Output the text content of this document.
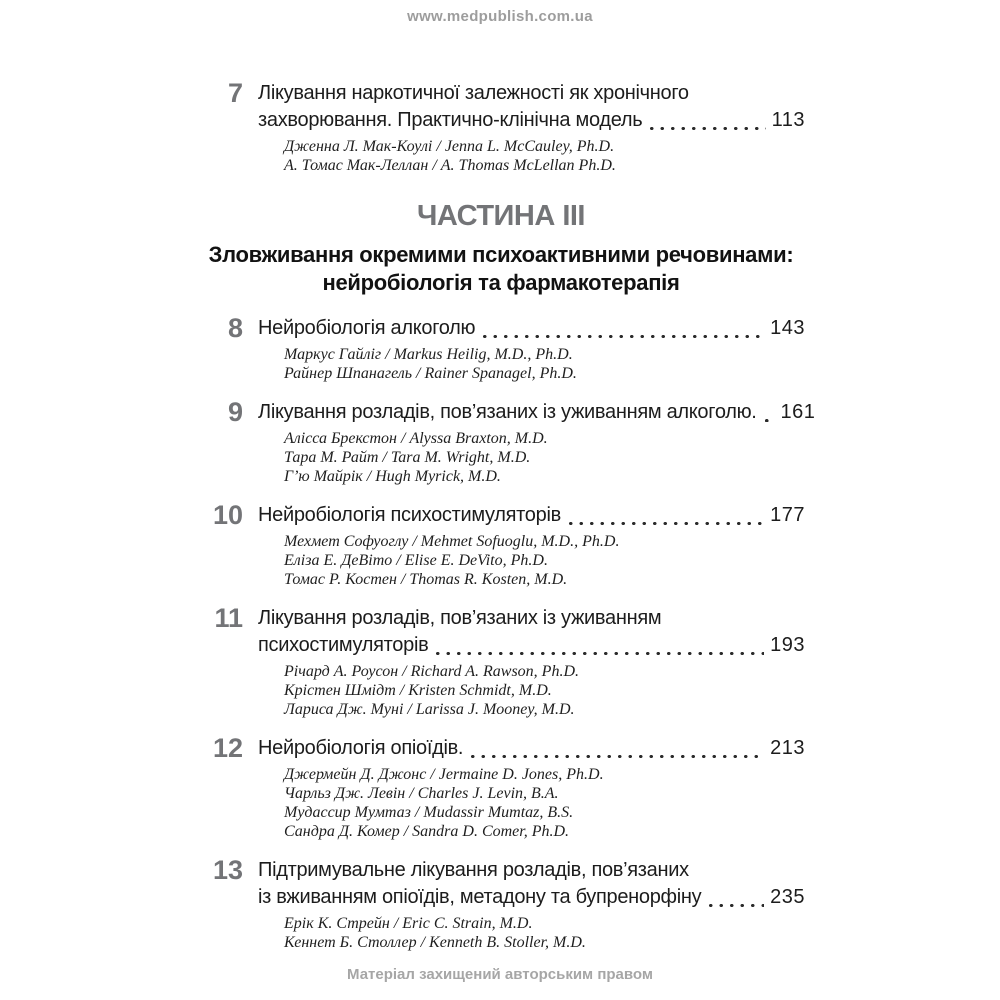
www.medpublish.com.ua
7 Лікування наркотичної залежності як хронічного
захворювання. Практично-клінічна модель	113
Дженна Л. Мак-Коулі / Jenna L. McCauley, Ph.D.
А. Томас Мак-Леллан / A. Thomas McLellan Ph.D.
ЧАСТИНА III
Зловживання окремими психоактивними речовинами:
нейробіологія та фармакотерапія
8 Нейробіологія алкоголю	143
Маркус Гайліг / Markus Heilig, M.D., Ph.D.
Райнер Шпанагель / Rainer Spanagel, Ph.D.
9 Лікування розладів, пов’язаних із уживанням алкоголю. 161
Алісса Брекстон / Alyssa Braxton, M.D.
Тара М. Райт / Tara M. Wright, M.D.
Г’ю Майрік / Hugh Myrick, M.D.
10 Нейробіологія психостимуляторів	177
Мехмет Софуоглу / Mehmet Sofuoglu, M.D., Ph.D.
Еліза Е. ДеВіто / Elise E. DeVito, Ph.D.
Томас Р. Костен / Thomas R. Kosten, M.D.
11 Лікування розладів, пов’язаних із уживанням
психостимуляторів	193
Річард А. Роусон / Richard A. Rawson, Ph.D.
Крістен Шмідт / Kristen Schmidt, M.D.
Лариса Дж. Муні / Larissa J. Mooney, M.D.
12 Нейробіологія опіоїдів.	213
Джермейн Д. Джонс / Jermaine D. Jones, Ph.D.
Чарльз Дж. Левін / Charles J. Levin, B.A.
Мудассир Мумтаз / Mudassir Mumtaz, B.S.
Сандра Д. Комер / Sandra D. Comer, Ph.D.
13 Підтримувальне лікування розладів, пов’язаних
із вживанням опіоїдів, метадону та бупренорфіну	235
Ерік К. Стрейн / Eric C. Strain, M.D.
Кеннет Б. Столлер / Kenneth B. Stoller, M.D.
Матеріал захищений авторським правом
